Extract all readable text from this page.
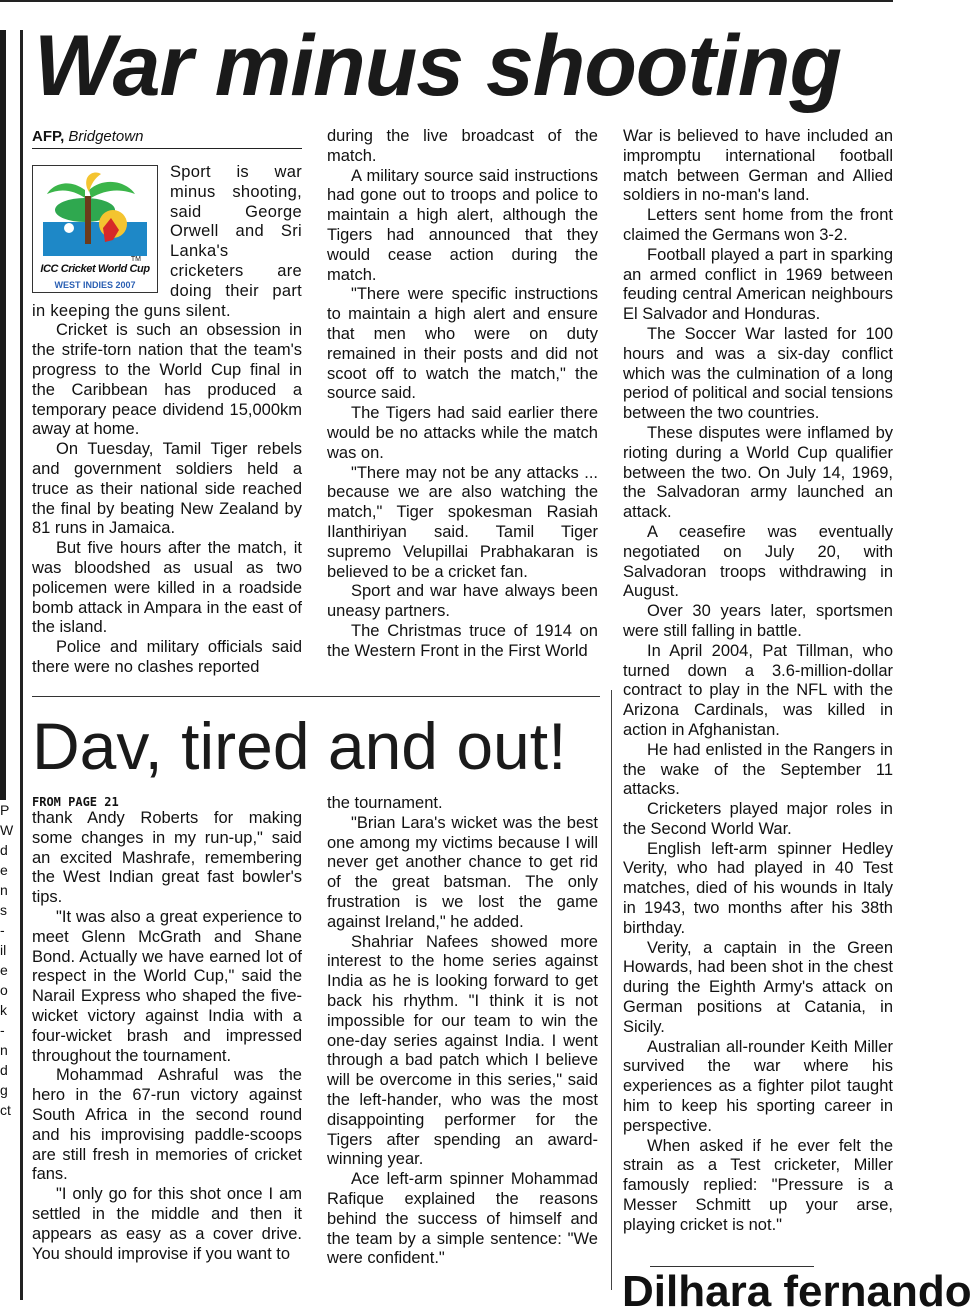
P
W
d
e
n
s
-
il
e
o
k
-
n
d
g
ct
War minus shooting
AFP, Bridgetown
TM
ICC Cricket World Cup
WEST INDIES 2007

Sport is war minus shooting, said George Orwell and Sri Lanka's cricketers are doing their part in keeping the guns silent.

Cricket is such an obsession in the strife-torn nation that the team's progress to the World Cup final in the Caribbean has produced a temporary peace dividend 15,000km away at home.

On Tuesday, Tamil Tiger rebels and government soldiers held a truce as their national side reached the final by beating New Zealand by 81 runs in Jamaica.

But five hours after the match, it was bloodshed as usual as two policemen were killed in a roadside bomb attack in Ampara in the east of the island.

Police and military officials said there were no clashes reported

during the live broadcast of the match.

A military source said instructions had gone out to troops and police to maintain a high alert, although the Tigers had announced that they would cease action during the match.

"There were specific instructions to maintain a high alert and ensure that men who were on duty remained in their posts and did not scoot off to watch the match," the source said.

The Tigers had said earlier there would be no attacks while the match was on.

"There may not be any attacks ... because we are also watching the match," Tiger spokesman Rasiah Ilanthiriyan said. Tamil Tiger supremo Velupillai Prabhakaran is believed to be a cricket fan.

Sport and war have always been uneasy partners.

The Christmas truce of 1914 on the Western Front in the First World

War is believed to have included an impromptu international football match between German and Allied soldiers in no-man's land.

Letters sent home from the front claimed the Germans won 3-2.

Football played a part in sparking an armed conflict in 1969 between feuding central American neighbours El Salvador and Honduras.

The Soccer War lasted for 100 hours and was a six-day conflict which was the culmination of a long period of political and social tensions between the two countries.

These disputes were inflamed by rioting during a World Cup qualifier between the two. On July 14, 1969, the Salvadoran army launched an attack.

A ceasefire was eventually negotiated on July 20, with Salvadoran troops withdrawing in August.

Over 30 years later, sportsmen were still falling in battle.

In April 2004, Pat Tillman, who turned down a 3.6-million-dollar contract to play in the NFL with the Arizona Cardinals, was killed in action in Afghanistan.

He had enlisted in the Rangers in the wake of the September 11 attacks.

Cricketers played major roles in the Second World War.

English left-arm spinner Hedley Verity, who had played in 40 Test matches, died of his wounds in Italy in 1943, two months after his 38th birthday.

Verity, a captain in the Green Howards, had been shot in the chest during the Eighth Army's attack on German positions at Catania, in Sicily.

Australian all-rounder Keith Miller survived the war where his experiences as a fighter pilot taught him to keep his sporting career in perspective.

When asked if he ever felt the strain as a Test cricketer, Miller famously replied: "Pressure is a Messer Schmitt up your arse, playing cricket is not."

Dav, tired and out!
FROM PAGE 21

thank Andy Roberts for making some changes in my run-up," said an excited Mashrafe, remembering the West Indian great fast bowler's tips.

"It was also a great experience to meet Glenn McGrath and Shane Bond. Actually we have earned lot of respect in the World Cup," said the Narail Express who shaped the five-wicket victory against India with a four-wicket brash and impressed throughout the tournament.

Mohammad Ashraful was the hero in the 67-run victory against South Africa in the second round and his improvising paddle-scoops are still fresh in memories of cricket fans.

"I only go for this shot once I am settled in the middle and then it appears as easy as a cover drive. You should improvise if you want to

the tournament.

"Brian Lara's wicket was the best one among my victims because I will never get another chance to get rid of the great batsman. The only frustration is we lost the game against Ireland," he added.

Shahriar Nafees showed more interest to the home series against India as he is looking forward to get back his rhythm. "I think it is not impossible for our team to win the one-day series against India. I went through a bad patch which I believe will be overcome in this series," said the left-hander, who was the most disappointing performer for the Tigers after spending an award-winning year.

Ace left-arm spinner Mohammad Rafique explained the reasons behind the success of himself and the team by a simple sentence: "We were confident."

Dilhara fernando
